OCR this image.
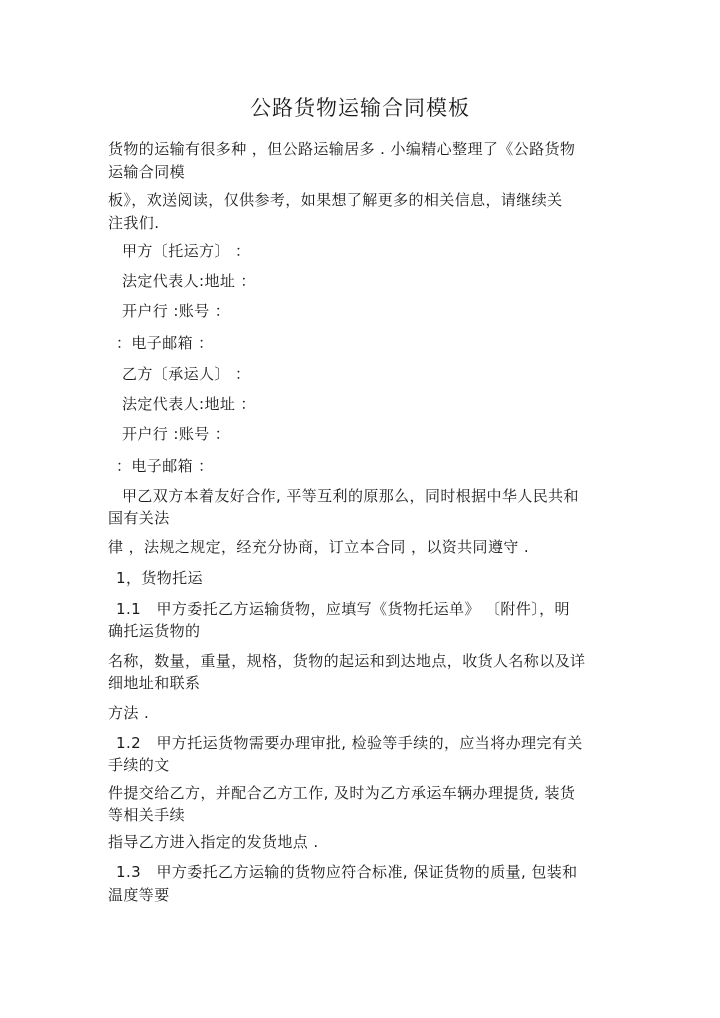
公路货物运输合同模板
货物的运输有很多种 ，但公路运输居多 . 小编精心整理了《公路货物
运输合同模
板》，欢送阅读，仅供参考，如果想了解更多的相关信息，请继续关
注我们.
甲方〔托运方〕 ：
法定代表人:地址 ：
开户行 :账号 ：
：电子邮箱 ：
乙方〔承运人〕 ：
法定代表人:地址 ：
开户行 :账号 ：
：电子邮箱 ：
甲乙双方本着友好合作, 平等互利的原那么，同时根据中华人民共和
国有关法
律 ，法规之规定，经充分协商，订立本合同 ，以资共同遵守 .
1，货物托运
1.1　甲方委托乙方运输货物，应填写《货物托运单》 〔附件〕，明
确托运货物的
名称，数量，重量，规格，货物的起运和到达地点，收货人名称以及详
细地址和联系
方法 .
1.2　甲方托运货物需要办理审批, 检验等手续的，应当将办理完有关
手续的文
件提交给乙方，并配合乙方工作, 及时为乙方承运车辆办理提货, 装货
等相关手续
指导乙方进入指定的发货地点 .
1.3　甲方委托乙方运输的货物应符合标准, 保证货物的质量, 包装和
温度等要
